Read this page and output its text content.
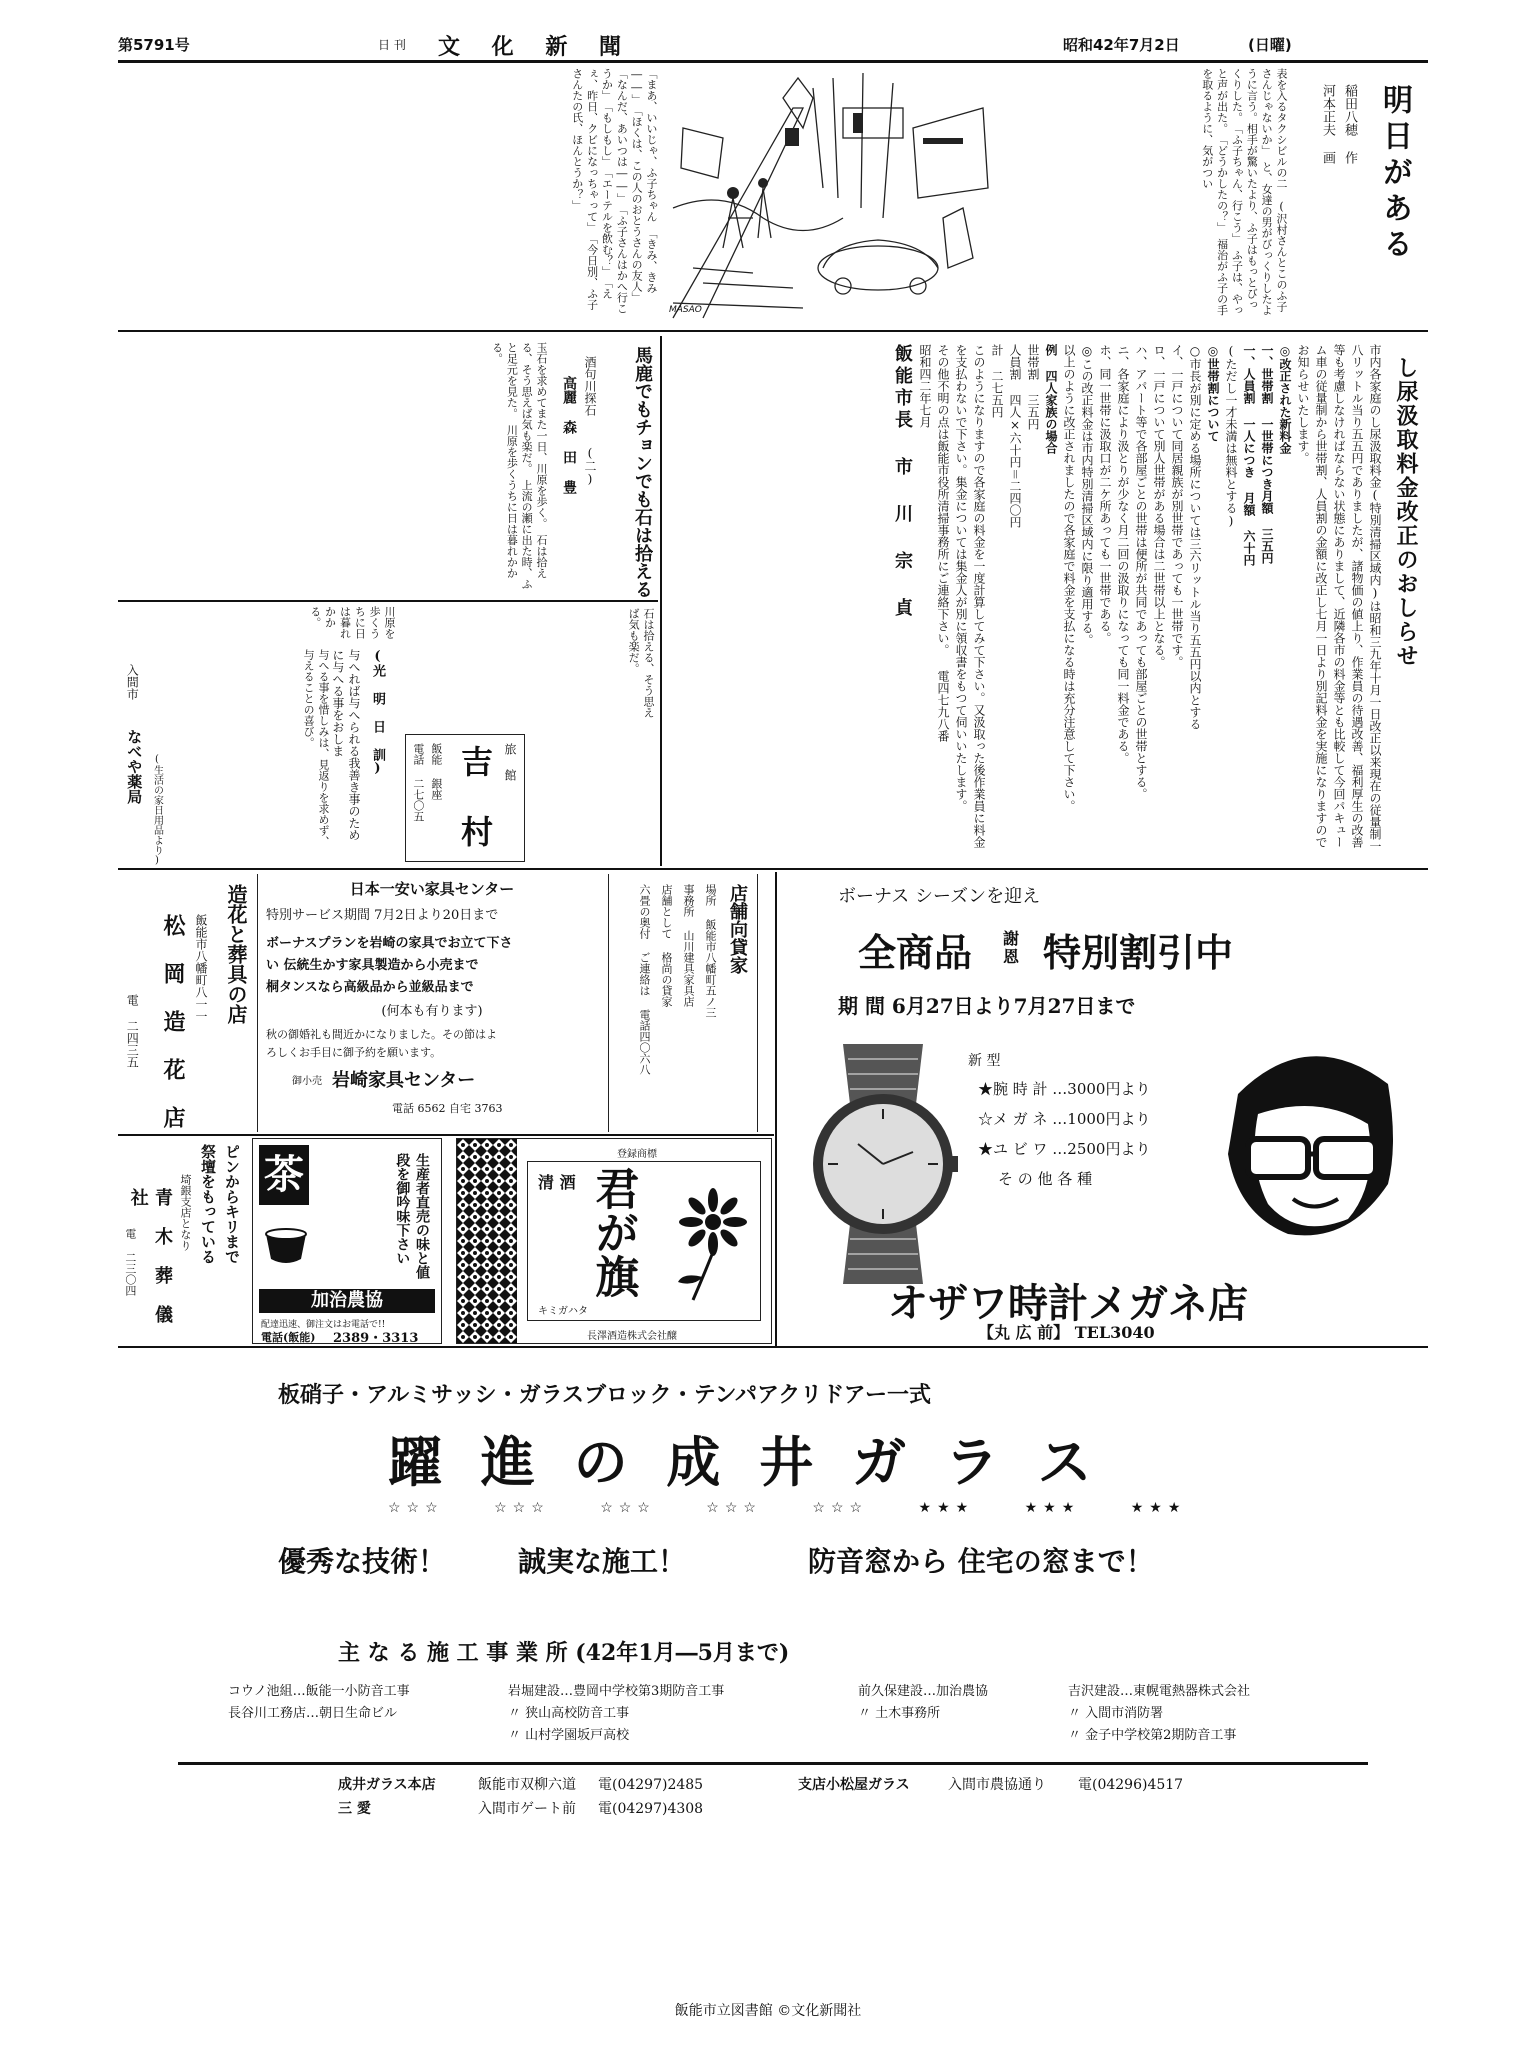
第5791号	日 刊 文 化 新 聞	昭和42年7月2日	(日曜)
「まあ、いいじゃ、ふ子ちゃん　「きみ、きみ――」　「ほくは、この人のおとうさんの友人」　「なんだ、あいつは――」　「ふ子さんはかへ行こうか」　「もしもし」　「エーテルを飲む？」　「えぇ、昨日、クビになっちゃって」　「今日別、ふ子さんたの氏、ほんとうか？」
MASAO
表を入るタクシビルの二　(沢村さんとこのふ子さんじゃないか」　と、女達の男がびっくりしたように言う。相手が驚いたより、ふ子はもっとびっくりした。　「ふ子ちゃん、行こう」　ふ子は、やっと声が出た。　「どうかしたの？」　福治がふ子の手を取るように、気がつい	明日がある
稲田八穂 作
河本正夫 画
し尿汲取料金改正のおしらせ
市内各家庭のし尿汲取料金(特別清掃区域内)は昭和三九年十月一日改正以来現在の従量制一八リットル当り五五円でありましたが、諸物価の値上り、作業員の待遇改善、福利厚生の改善等も考慮しなければならない状態にありまして、近隣各市の料金等とも比較して今回パキューム車の従量制から世帯割、人員割の金額に改正し七月一日より別記料金を実施になりますのでお知らせいたします。
◎改正された新料金
一、世帯割 一世帯につき月額 三五円
一、人員割 一人につき 月額 六十円
(ただし一才未満は無料とする)
◎世帯割について
○市長が別に定める場所については三六リットル当り五五円以内とする
イ、一戸について同居親族が別世帯であっても一世帯です。
ロ、一戸について別人世帯がある場合は二世帯以上となる。
ハ、アパート等で各部屋ごとの世帯は便所が共同であっても部屋ごとの世帯とする。
ニ、各家庭により汲とりが少なく月二回の汲取りになっても同一料金である。
ホ、同一世帯に汲取口が二ケ所あっても一世帯である。
◎この改正料金は市内特別清掃区域内に限り適用する。
以上のように改正されましたので各家庭で料金を支払になる時は充分注意して下さい。
例 四人家族の場合
世帯割 三五円
人員割 四人×六十円＝二四〇円
計 二七五円
このようになりますので各家庭の料金を一度計算してみて下さい。又汲取った後作業員に料金を支払わないで下さい。集金については集金人が別に領収書をもつて伺いいたします。
その他不明の点は飯能市役所清掃事務所にご連絡下さい。 電四七九八番
昭和四二年七月
飯能市長 市 川 宗 貞
馬鹿でもチョンでも石は拾える
酒句川探石
(二)
高麗 森 田 豊
玉石を求めてまた一日、川原を歩く。　石は拾える、そう思えば気も楽だ。　上流の瀬に出た時、ふと足元を見た。　川原を歩くうちに日は暮れかかる。
旅 館
吉 村
飯能 銀座
電話 二七〇五
石は拾える、そう思えば気も楽だ。
(光 明 日 訓)
与へれば与へられる我善き事のために与へる事をおしま
与へる事を惜しみは、見返りを求めず、与えることの喜び。
入間市
なべや薬局 (生活の家日用品より)
川原を歩くうちに日は暮れかかる。
造花と葬具の店
飯能市八幡町八一一
松 岡 造 花 店
電 二四三五
日本一安い家具センター
特別サービス期間 7月2日より20日まで
ボーナスプランを岩崎の家具でお立て下さ
い 伝統生かす家具製造から小売まで
桐タンスなら高級品から並級品まで
(何本も有ります)
秋の御婚礼も間近かになりました。その節はよ
ろしくお手目に御予約を願います。
御小売 岩崎家具センター
電話 6562 自宅 3763
店舗向貸家
場所 飯能市八幡町五ノ三
事務所 山川建具家具店
店舗として 格尚の貸家
六畳の奥付 ご連絡は 電話四〇六八	ボーナス シーズンを迎え
全商品 謝 恩 特別割引中
期 間 6月27日より7月27日まで
新 型
★腕 時 計 …3000円より
☆メ ガ ネ …1000円より
★ユ ビ ワ …2500円より
そ の 他 各 種
オザワ時計メガネ店
【丸 広 前】 TEL3040
ピンからキリまで
祭壇をもっている
埼銀支店となり
青 木 葬 儀 社
電 二三〇四
茶	生産者直売の味と値段を御吟味下さい
加治農協
配達迅速、御注文はお電話で!!
電話(飯能) 2389・3313
登録商標
清 酒 君が旗
キミガハタ
長澤酒造株式会社醸
板硝子・アルミサッシ・ガラスブロック・テンパアクリドアー一式
躍 進 の 成 井 ガ ラ ス
☆☆☆ ☆☆☆ ☆☆☆ ☆☆☆ ☆☆☆ ★★★ ★★★ ★★★
優秀な技術！	誠実な施工！	防音窓から 住宅の窓まで！
主 な る 施 工 事 業 所 (42年1月―5月まで)
コウノ池組…飯能一小防音工事
長谷川工務店…朝日生命ビル
岩堀建設…豊岡中学校第3期防音工事
〃 狭山高校防音工事
〃 山村学園坂戸高校
前久保建設…加治農協
〃 土木事務所
吉沢建設…東幌電熱器株式会社
〃 入間市消防署
〃 金子中学校第2期防音工事
成井ガラス本店	飯能市双柳六道 電(04297)2485	支店小松屋ガラス	入間市農協通り 電(04296)4517
三 愛	入間市ゲート前 電(04297)4308
飯能市立図書館 ©文化新聞社
